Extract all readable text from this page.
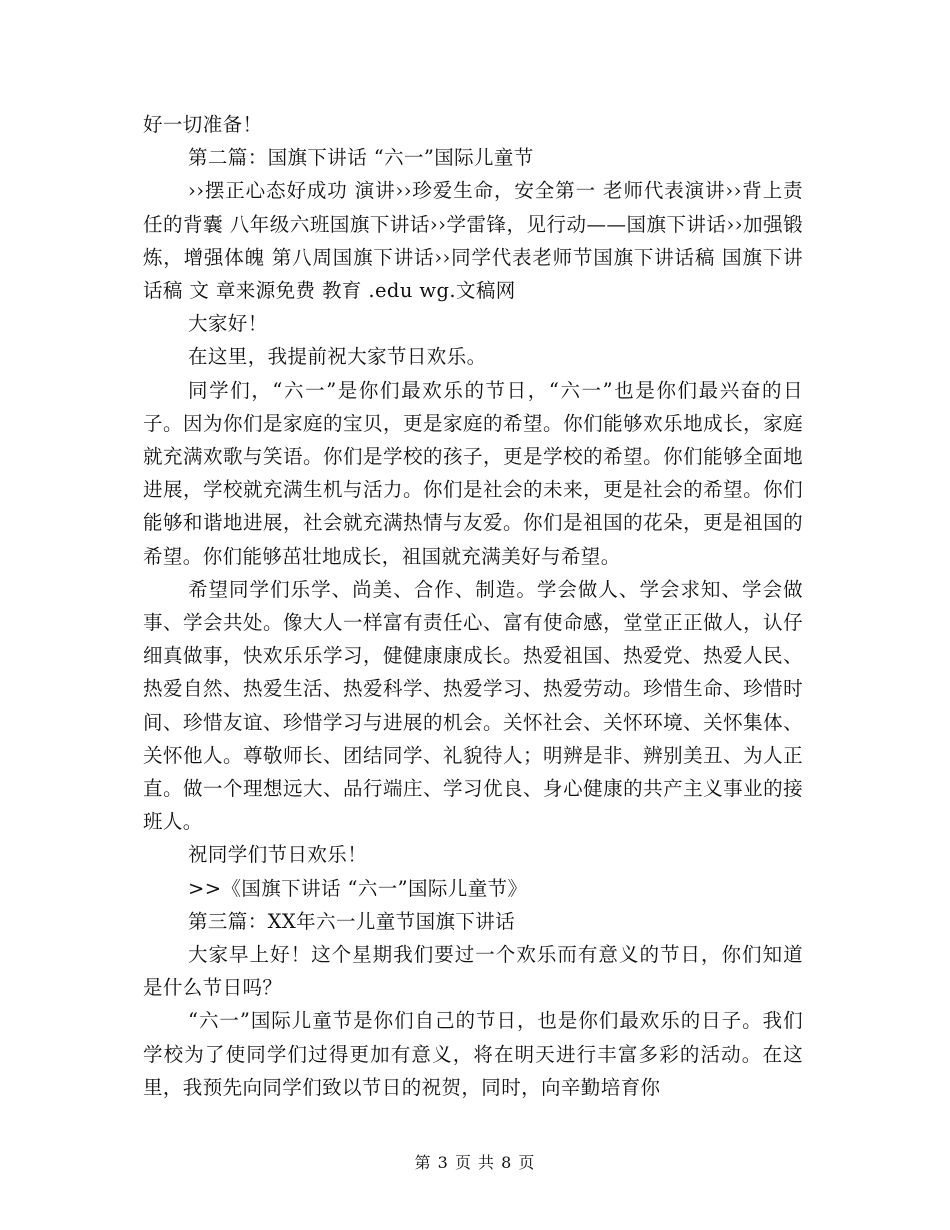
好一切准备！

第二篇：国旗下讲话 “六一”国际儿童节

››摆正心态好成功 演讲››珍爱生命，安全第一 老师代表演讲››背上责任的背囊 八年级六班国旗下讲话››学雷锋，见行动——国旗下讲话››加强锻炼，增强体魄 第八周国旗下讲话››同学代表老师节国旗下讲话稿 国旗下讲话稿 文 章来源免费 教育 .edu wg.文稿网

大家好！

在这里，我提前祝大家节日欢乐。

同学们，“六一”是你们最欢乐的节日，“六一”也是你们最兴奋的日子。因为你们是家庭的宝贝，更是家庭的希望。你们能够欢乐地成长，家庭就充满欢歌与笑语。你们是学校的孩子，更是学校的希望。你们能够全面地进展，学校就充满生机与活力。你们是社会的未来，更是社会的希望。你们能够和谐地进展，社会就充满热情与友爱。你们是祖国的花朵，更是祖国的希望。你们能够茁壮地成长，祖国就充满美好与希望。

希望同学们乐学、尚美、合作、制造。学会做人、学会求知、学会做事、学会共处。像大人一样富有责任心、富有使命感，堂堂正正做人，认仔细真做事，快欢乐乐学习，健健康康成长。热爱祖国、热爱党、热爱人民、热爱自然、热爱生活、热爱科学、热爱学习、热爱劳动。珍惜生命、珍惜时间、珍惜友谊、珍惜学习与进展的机会。关怀社会、关怀环境、关怀集体、关怀他人。尊敬师长、团结同学、礼貌待人；明辨是非、辨别美丑、为人正直。做一个理想远大、品行端庄、学习优良、身心健康的共产主义事业的接班人。

祝同学们节日欢乐！

>>《国旗下讲话 “六一”国际儿童节》

第三篇：XX年六一儿童节国旗下讲话

大家早上好！这个星期我们要过一个欢乐而有意义的节日，你们知道是什么节日吗？

“六一”国际儿童节是你们自己的节日，也是你们最欢乐的日子。我们学校为了使同学们过得更加有意义，将在明天进行丰富多彩的活动。在这里，我预先向同学们致以节日的祝贺，同时，向辛勤培育你

第 3 页 共 8 页
